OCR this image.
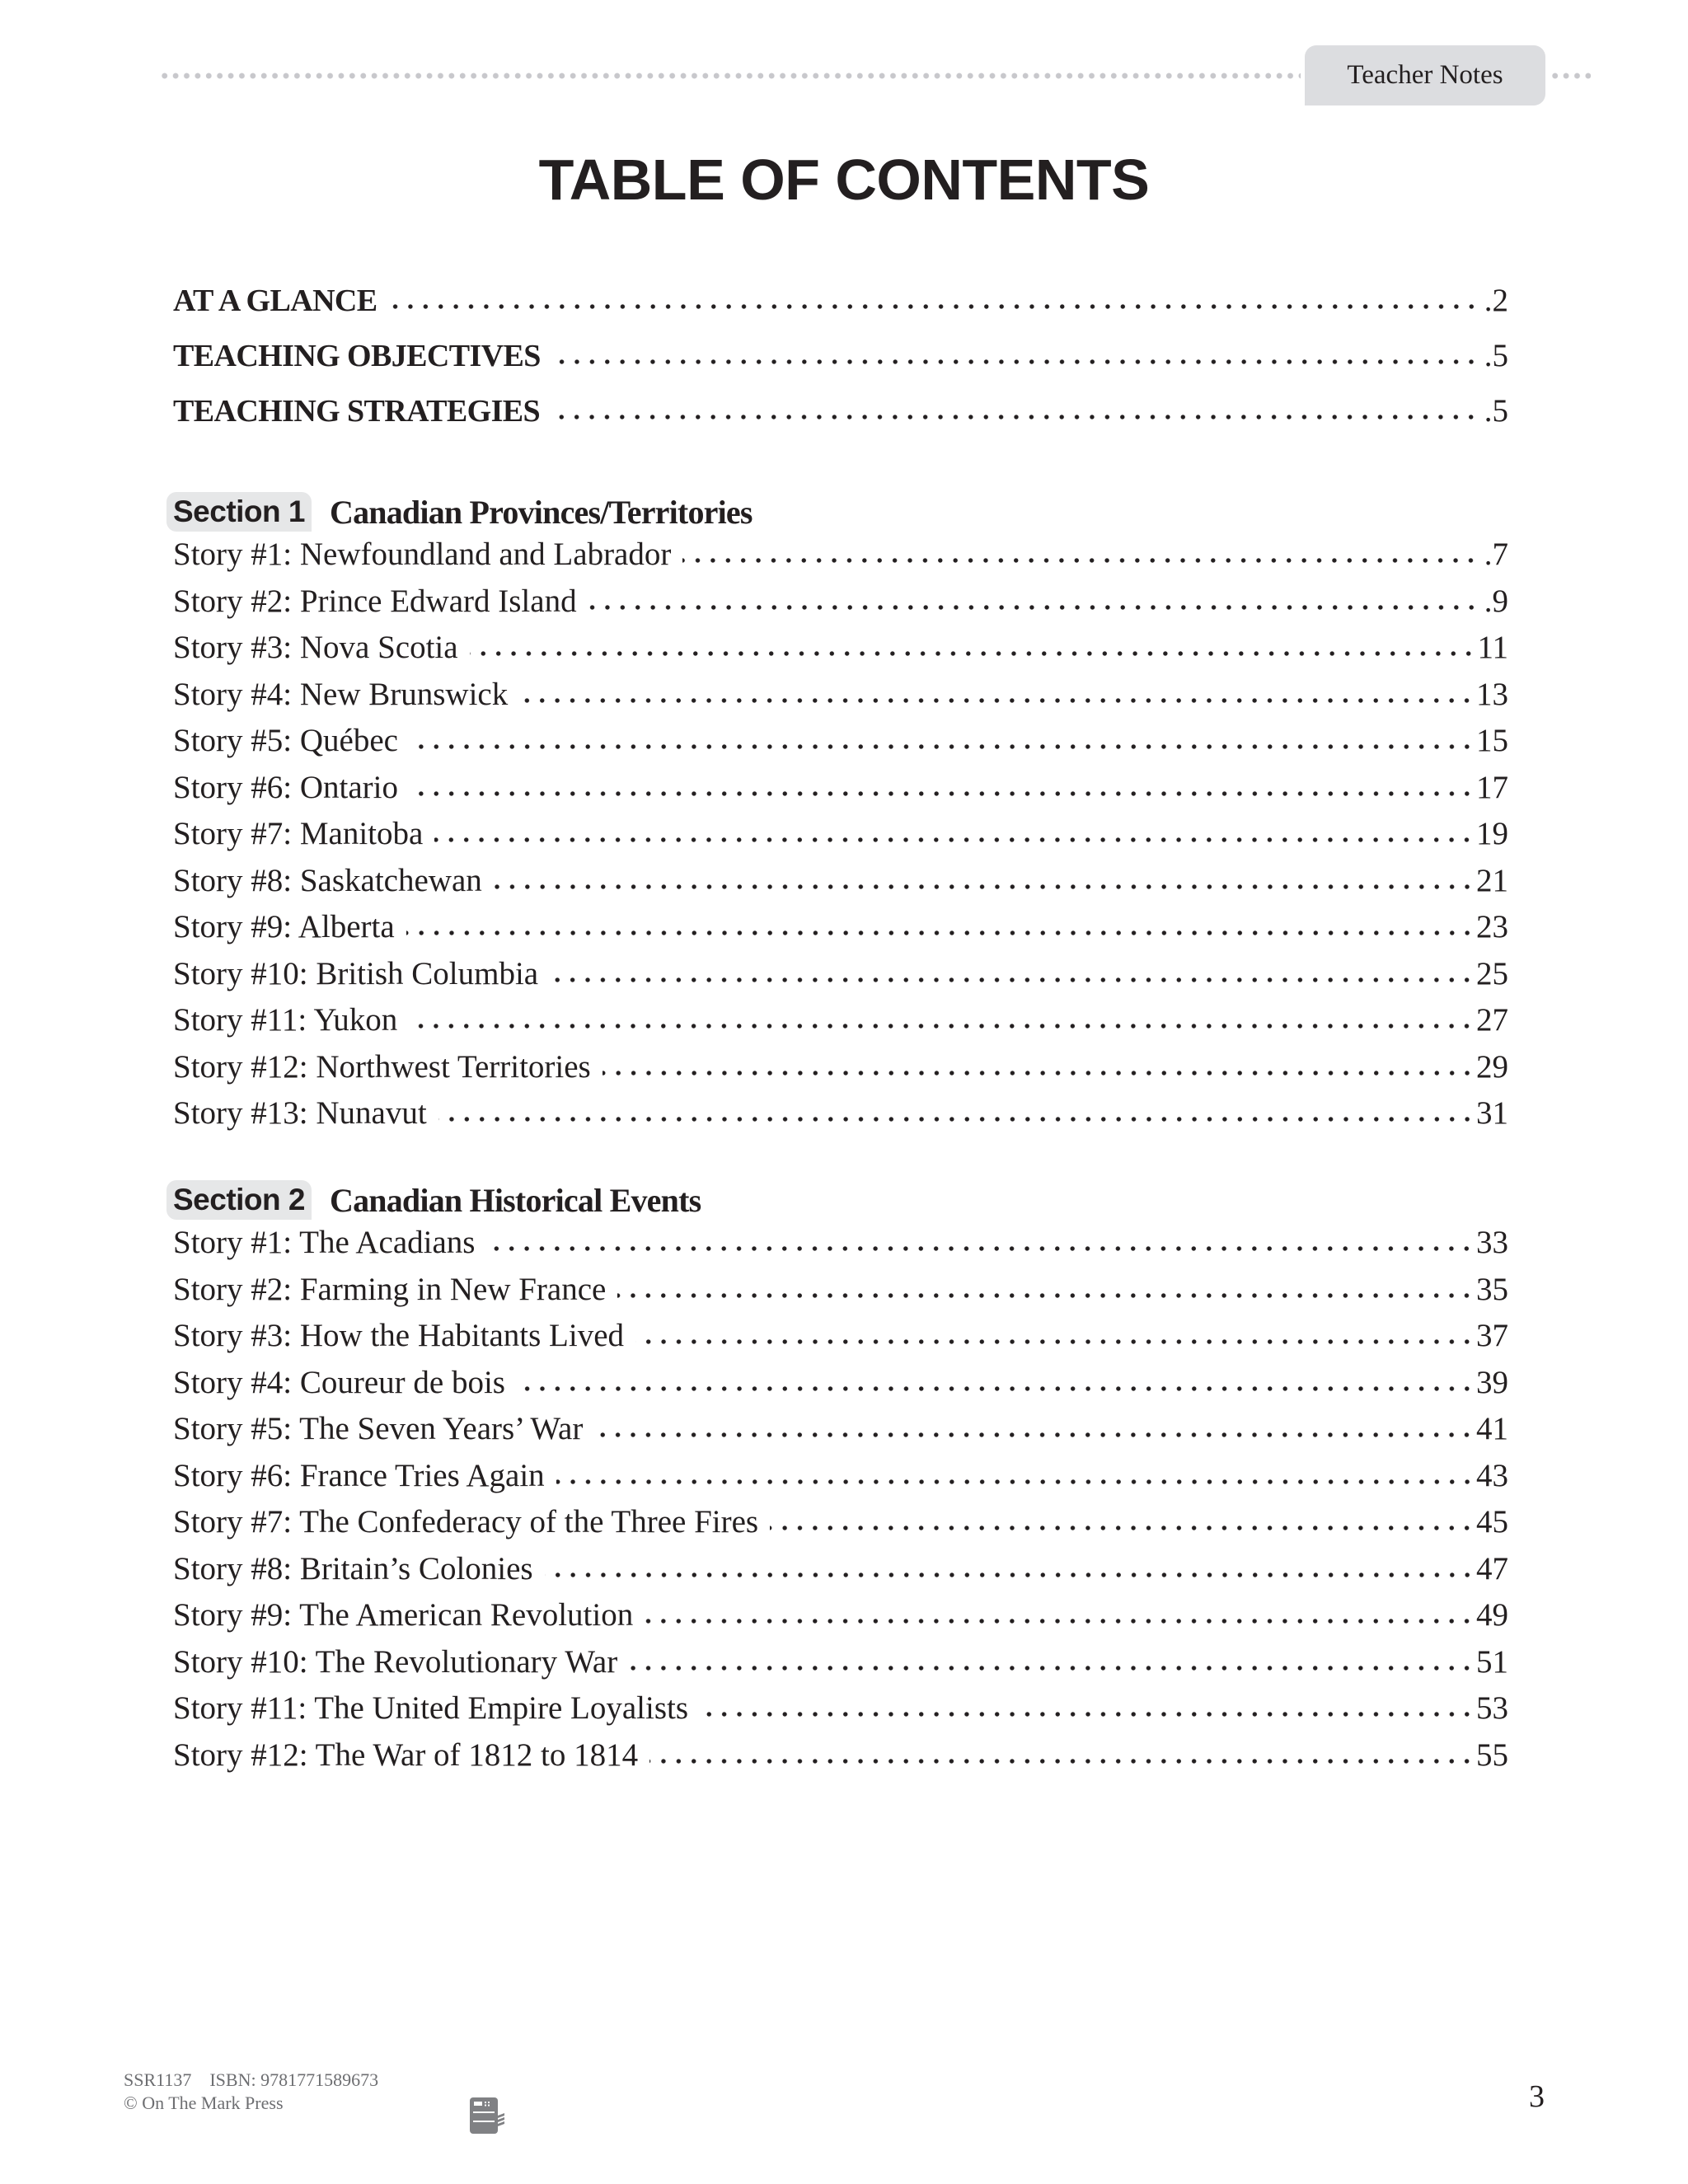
Teacher Notes
TABLE OF CONTENTS
AT A GLANCE	.2
TEACHING OBJECTIVES	.5
TEACHING STRATEGIES	.5
Section 1 Canadian Provinces/Territories
Story #1: Newfoundland and Labrador	.7
Story #2: Prince Edward Island	.9
Story #3: Nova Scotia	11
Story #4: New Brunswick	13
Story #5: Québec	15
Story #6: Ontario	17
Story #7: Manitoba	19
Story #8: Saskatchewan	21
Story #9: Alberta	23
Story #10: British Columbia	25
Story #11: Yukon	27
Story #12: Northwest Territories	29
Story #13: Nunavut	31
Section 2 Canadian Historical Events
Story #1: The Acadians	33
Story #2: Farming in New France	35
Story #3: How the Habitants Lived	37
Story #4: Coureur de bois	39
Story #5: The Seven Years’ War	41
Story #6: France Tries Again	43
Story #7: The Confederacy of the Three Fires	45
Story #8: Britain’s Colonies	47
Story #9: The American Revolution	49
Story #10: The Revolutionary War	51
Story #11: The United Empire Loyalists	53
Story #12: The War of 1812 to 1814	55
SSR1137 ISBN: 9781771589673
© On The Mark Press	3
